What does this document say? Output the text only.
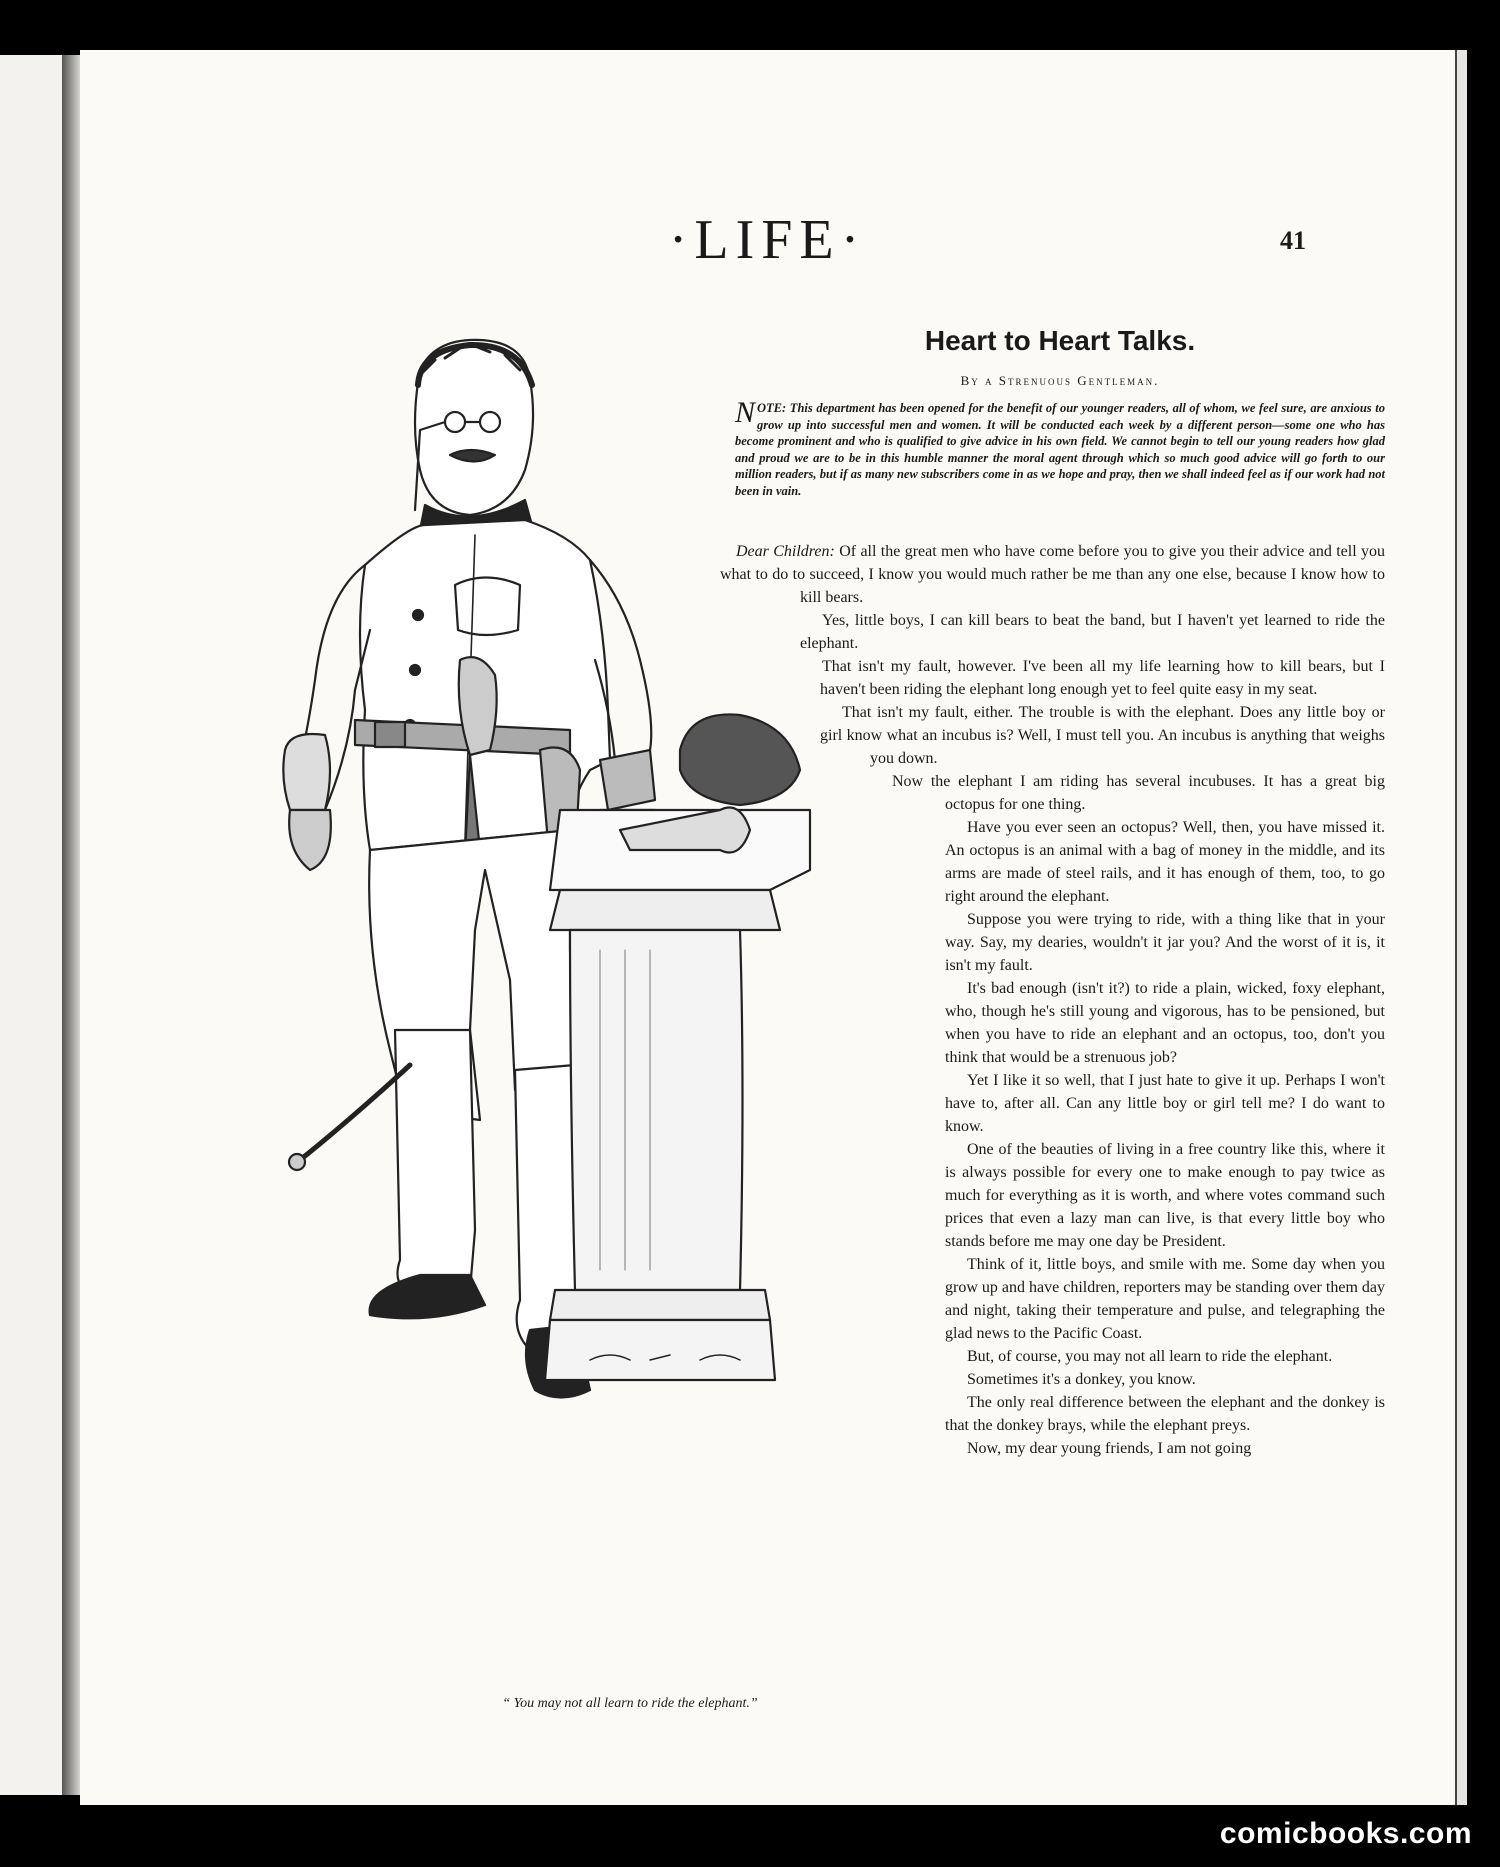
·LIFE·	41
Heart to Heart Talks.
By a Strenuous Gentleman.
NOTE: This department has been opened for the benefit of our younger readers, all of whom, we feel sure, are anxious to grow up into successful men and women. It will be conducted each week by a different person—some one who has become prominent and who is qualified to give advice in his own field. We cannot begin to tell our young readers how glad and proud we are to be in this humble manner the moral agent through which so much good advice will go forth to our million readers, but if as many new subscribers come in as we hope and pray, then we shall indeed feel as if our work had not been in vain.

Dear Children: Of all the great men who have come before you to give you their advice and tell you what to do to succeed, I know you would much rather be me than any one else, because I know how to kill bears.

Yes, little boys, I can kill bears to beat the band, but I haven't yet learned to ride the elephant.

That isn't my fault, however. I've been all my life learning how to kill bears, but I haven't been riding the elephant long enough yet to feel quite easy in my seat.

That isn't my fault, either. The trouble is with the elephant. Does any little boy or girl know what an incubus is? Well, I must tell you. An incubus is anything that weighs you down.

Now the elephant I am riding has several incubuses. It has a great big octopus for one thing.

Have you ever seen an octopus? Well, then, you have missed it. An octopus is an animal with a bag of money in the middle, and its arms are made of steel rails, and it has enough of them, too, to go right around the elephant.

Suppose you were trying to ride, with a thing like that in your way. Say, my dearies, wouldn't it jar you? And the worst of it is, it isn't my fault.

It's bad enough (isn't it?) to ride a plain, wicked, foxy elephant, who, though he's still young and vigorous, has to be pensioned, but when you have to ride an elephant and an octopus, too, don't you think that would be a strenuous job?

Yet I like it so well, that I just hate to give it up. Perhaps I won't have to, after all. Can any little boy or girl tell me? I do want to know.

One of the beauties of living in a free country like this, where it is always possible for every one to make enough to pay twice as much for everything as it is worth, and where votes command such prices that even a lazy man can live, is that every little boy who stands before me may one day be President.

Think of it, little boys, and smile with me. Some day when you grow up and have children, reporters may be standing over them day and night, taking their temperature and pulse, and telegraphing the glad news to the Pacific Coast.

But, of course, you may not all learn to ride the elephant.

Sometimes it's a donkey, you know.

The only real difference between the elephant and the donkey is that the donkey brays, while the elephant preys.

Now, my dear young friends, I am not going

“ You may not all learn to ride the elephant.”
comicbooks.com
